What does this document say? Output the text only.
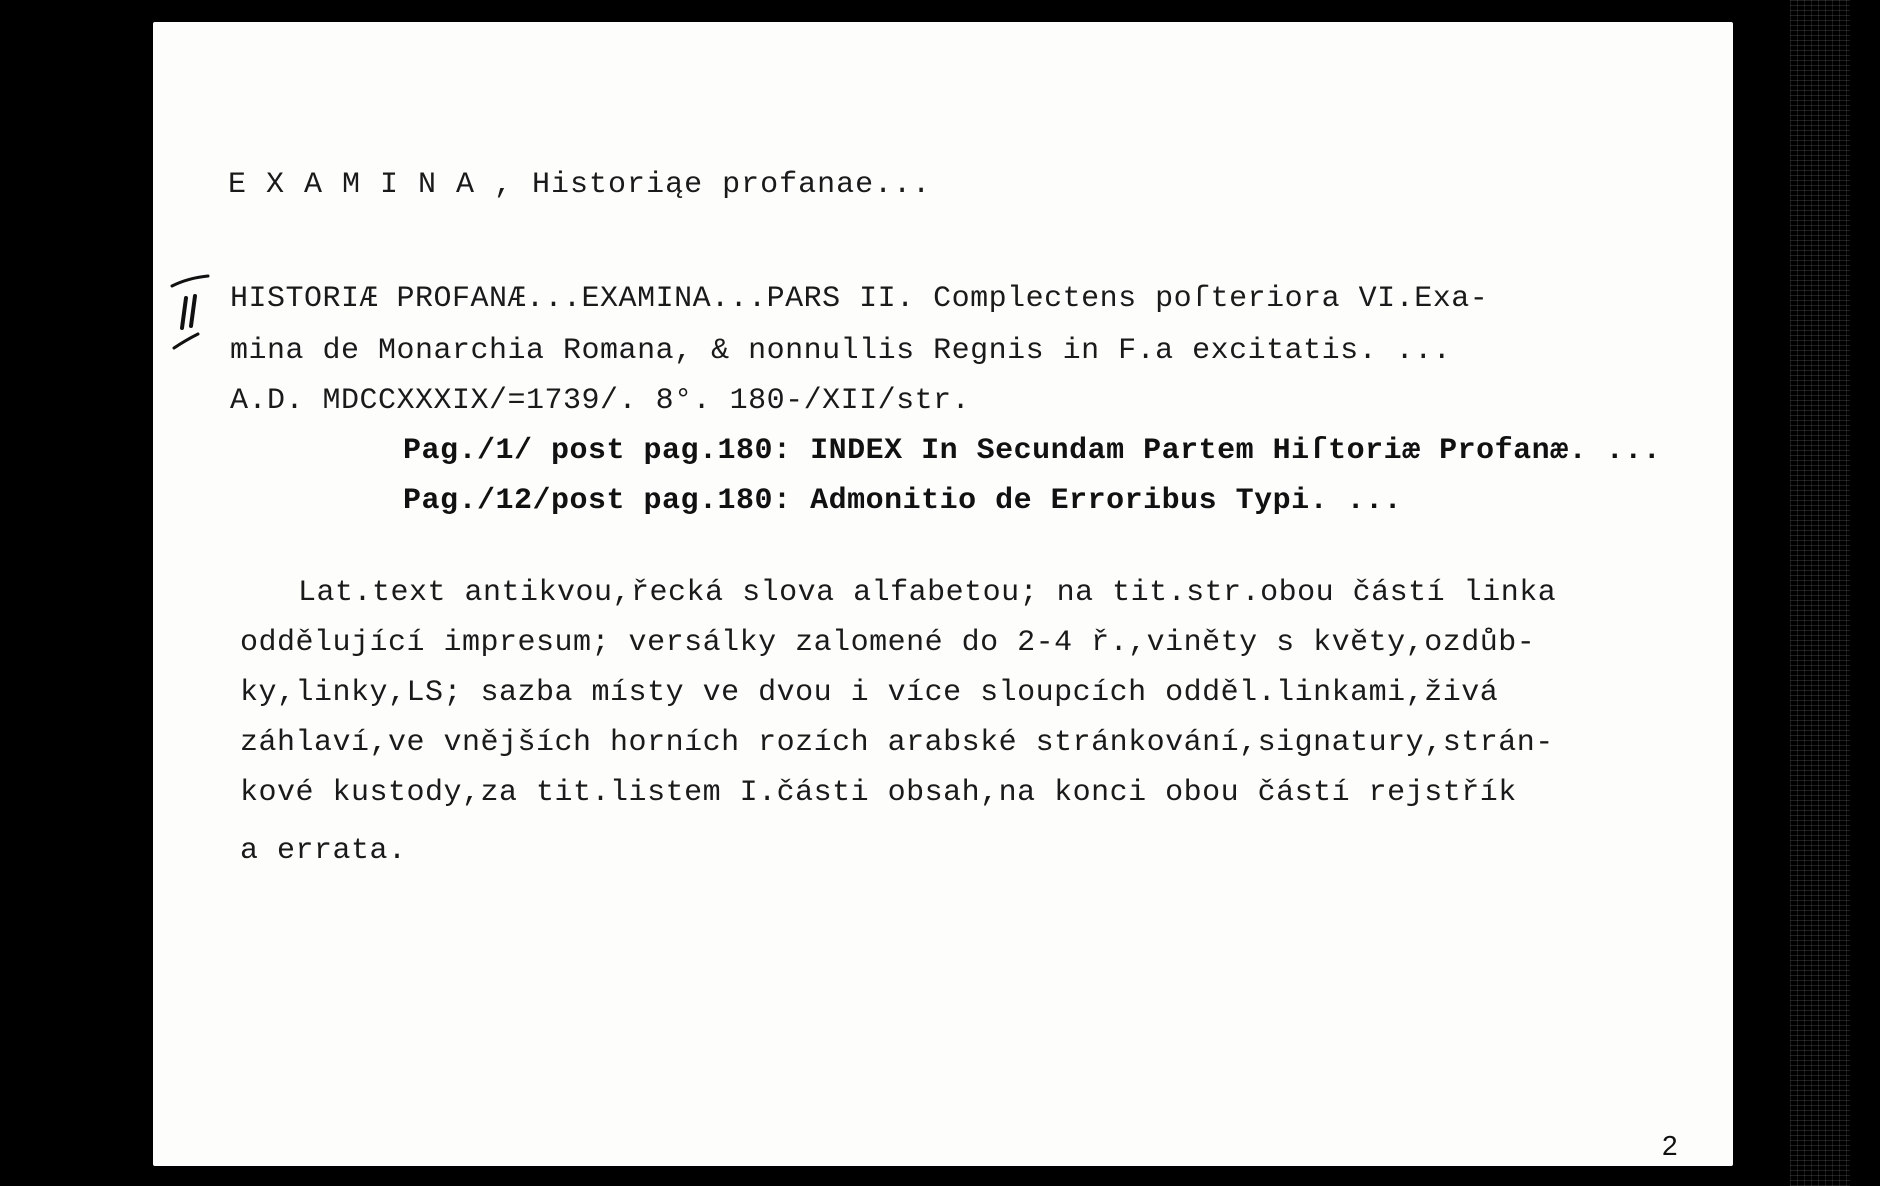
E X A M I N A , Historiąe profanae...
HISTORIÆ PROFANÆ...EXAMINA...PARS II. Complectens poſteriora VI.Exa-
mina de Monarchia Romana, & nonnullis Regnis in F.a excitatis. ...
A.D. MDCCXXXIX/=1739/. 8°. 180-/XII/str.
Pag./1/ post pag.180: INDEX In Secundam Partem Hiſtoriæ Profanæ. ...
Pag./12/post pag.180: Admonitio de Erroribus Typi. ...
Lat.text antikvou,řecká slova alfabetou; na tit.str.obou částí linka
oddělující impresum; versálky zalomené do 2-4 ř.,viněty s květy,ozdůb-
ky,linky,LS; sazba místy ve dvou i více sloupcích odděl.linkami,živá
záhlaví,ve vnějších horních rozích arabské stránkování,signatury,strán-
kové kustody,za tit.listem I.části obsah,na konci obou částí rejstřík
a errata.
2
